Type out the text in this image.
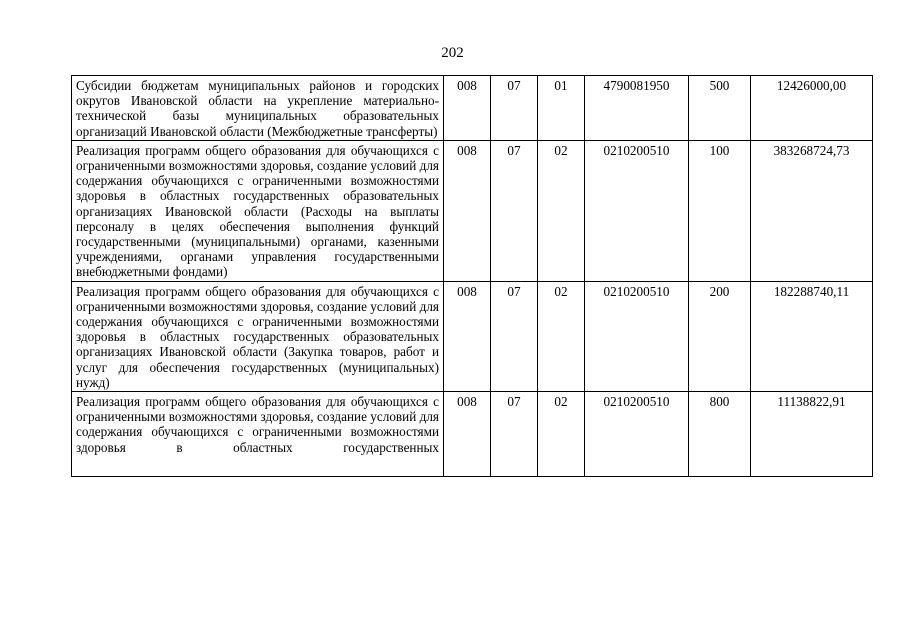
202
Субсидии бюджетам муниципальных районов и городских округов Ивановской области на укрепление материально-технической базы муниципальных образовательных организаций Ивановской области (Межбюджетные трансферты)	008	07	01	4790081950	500	12426000,00
Реализация программ общего образования для обучающихся с ограниченными возможностями здоровья, создание условий для содержания обучающихся с ограниченными возможностями здоровья в областных государственных образовательных организациях Ивановской области (Расходы на выплаты персоналу в целях обеспечения выполнения функций государственными (муниципальными) органами, казенными учреждениями, органами управления государственными внебюджетными фондами)	008	07	02	0210200510	100	383268724,73
Реализация программ общего образования для обучающихся с ограниченными возможностями здоровья, создание условий для содержания обучающихся с ограниченными возможностями здоровья в областных государственных образовательных организациях Ивановской области (Закупка товаров, работ и услуг для обеспечения государственных (муниципальных) нужд)	008	07	02	0210200510	200	182288740,11
Реализация программ общего образования для обучающихся с ограниченными возможностями здоровья, создание условий для содержания обучающихся с ограниченными возможностями здоровья в областных государственных	008	07	02	0210200510	800	11138822,91
